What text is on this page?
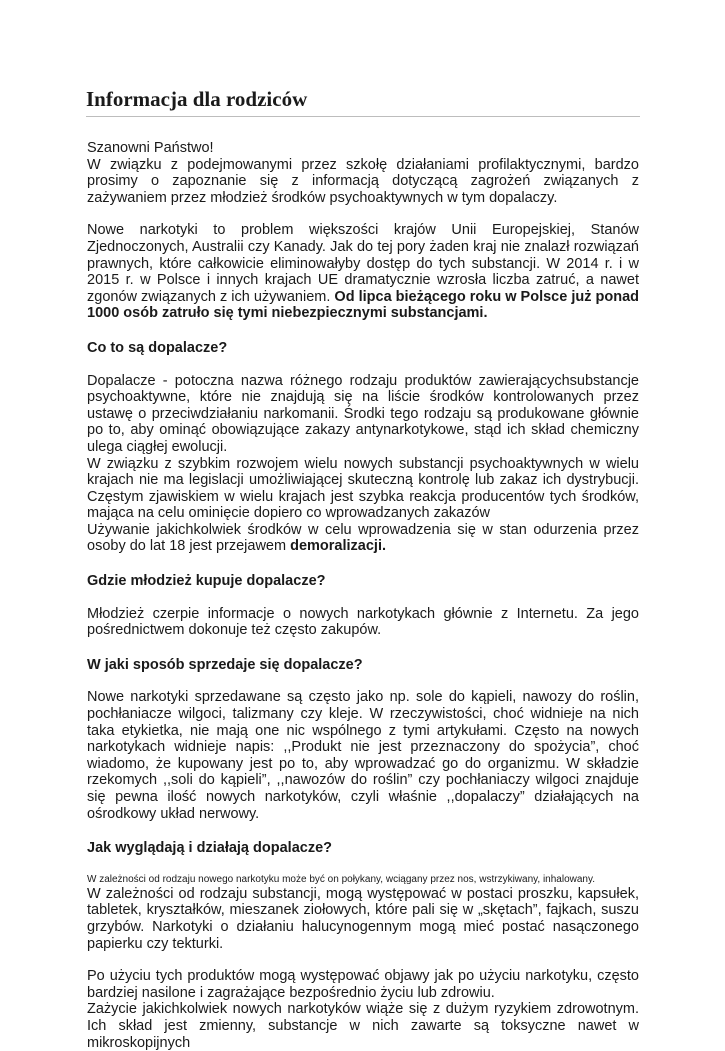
Informacja dla rodziców

Szanowni Państwo!

W związku z podejmowanymi przez szkołę działaniami profilaktycznymi, bardzo prosimy o zapoznanie się z informacją dotyczącą zagrożeń związanych z zażywaniem przez młodzież środków psychoaktywnych w tym dopalaczy.

Nowe narkotyki to problem większości krajów Unii Europejskiej, Stanów Zjednoczonych, Australii czy Kanady. Jak do tej pory żaden kraj nie znalazł rozwiązań prawnych, które całkowicie eliminowałyby dostęp do tych substancji. W 2014 r. i w 2015 r. w Polsce i innych krajach UE dramatycznie wzrosła liczba zatruć, a nawet zgonów związanych z ich używaniem. Od lipca bieżącego roku w Polsce już ponad 1000 osób zatruło się tymi niebezpiecznymi substancjami.

Co to są dopalacze?

Dopalacze - potoczna nazwa różnego rodzaju produktów zawierającychsubstancje psychoaktywne, które nie znajdują się na liście środków kontrolowanych przez ustawę o przeciwdziałaniu narkomanii. Środki tego rodzaju są produkowane głównie po to, aby ominąć obowiązujące zakazy antynarkotykowe, stąd ich skład chemiczny ulega ciągłej ewolucji.

W związku z szybkim rozwojem wielu nowych substancji psychoaktywnych w wielu krajach nie ma legislacji umożliwiającej skuteczną kontrolę lub zakaz ich dystrybucji. Częstym zjawiskiem w wielu krajach jest szybka reakcja producentów tych środków, mająca na celu ominięcie dopiero co wprowadzanych zakazów

Używanie jakichkolwiek środków w celu wprowadzenia się w stan odurzenia przez osoby do lat 18 jest przejawem demoralizacji.

Gdzie młodzież kupuje dopalacze?

Młodzież czerpie informacje o nowych narkotykach głównie z Internetu. Za jego pośrednictwem dokonuje też często zakupów.

W jaki sposób sprzedaje się dopalacze?

Nowe narkotyki sprzedawane są często jako np. sole do kąpieli, nawozy do roślin, pochłaniacze wilgoci, talizmany czy kleje. W rzeczywistości, choć widnieje na nich taka etykietka, nie mają one nic wspólnego z tymi artykułami. Często na nowych narkotykach widnieje napis: ,,Produkt nie jest przeznaczony do spożycia”, choć wiadomo, że kupowany jest po to, aby wprowadzać go do organizmu. W składzie rzekomych ,,soli do kąpieli”, ,,nawozów do roślin” czy pochłaniaczy wilgoci znajduje się pewna ilość nowych narkotyków, czyli właśnie ,,dopalaczy” działających na ośrodkowy układ nerwowy.

Jak wyglądają i działają dopalacze?

W zależności od rodzaju nowego narkotyku może być on połykany, wciągany przez nos, wstrzykiwany, inhalowany.

W zależności od rodzaju substancji, mogą występować w postaci proszku, kapsułek, tabletek, kryształków, mieszanek ziołowych, które pali się w „skętach”, fajkach, suszu grzybów. Narkotyki o działaniu halucynogennym mogą mieć postać nasączonego papierku czy tekturki.

Po użyciu tych produktów mogą występować objawy jak po użyciu narkotyku, często bardziej nasilone i zagrażające bezpośrednio życiu lub zdrowiu.

Zażycie jakichkolwiek nowych narkotyków wiąże się z dużym ryzykiem zdrowotnym. Ich skład jest zmienny, substancje w nich zawarte są toksyczne nawet w mikroskopijnych
